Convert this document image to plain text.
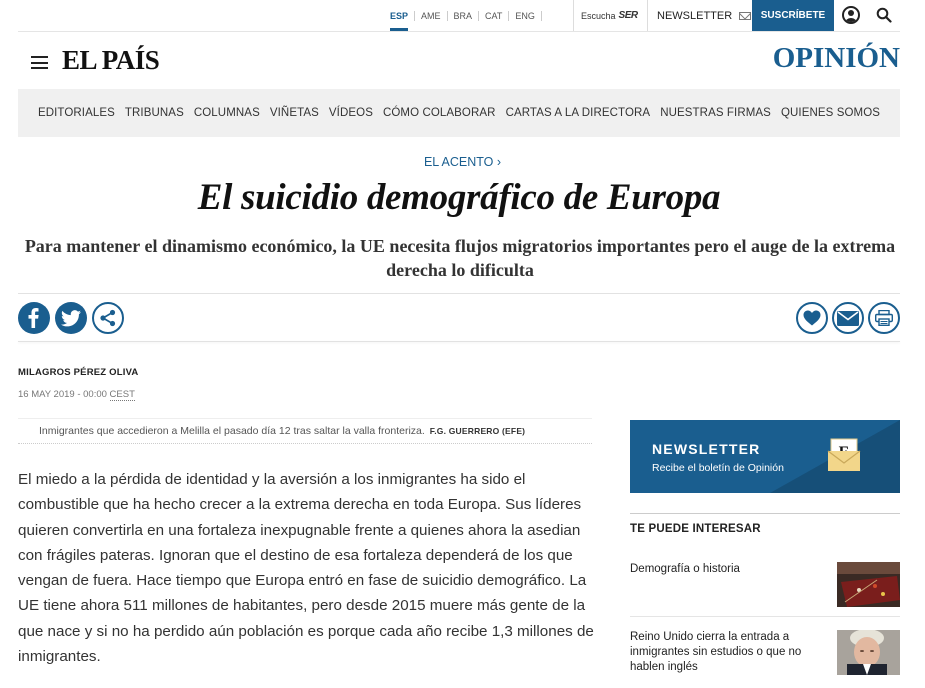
ESP	AME	BRA	CAT	ENG	Escucha SER NEWSLETTER	SUSCRÍBETE
EL PAÍS	OPINIÓN
EDITORIALES TRIBUNAS COLUMNAS VIÑETAS VÍDEOS CÓMO COLABORAR CARTAS A LA DIRECTORA NUESTRAS FIRMAS QUIENES SOMOS
EL ACENTO ›
El suicidio demográfico de Europa
Para mantener el dinamismo económico, la UE necesita flujos migratorios importantes pero el auge de la extrema derecha lo dificulta
MILAGROS PÉREZ OLIVA
16 MAY 2019 - 00:00 CEST
Inmigrantes que accedieron a Melilla el pasado día 12 tras saltar la valla fronteriza. F.G. GUERRERO (EFE)

El miedo a la pérdida de identidad y la aversión a los inmigrantes ha sido el combustible que ha hecho crecer a la extrema derecha en toda Europa. Sus líderes quieren convertirla en una fortaleza inexpugnable frente a quienes ahora la asedian con frágiles pateras. Ignoran que el destino de esa fortaleza dependerá de los que vengan de fuera. Hace tiempo que Europa entró en fase de suicidio demográfico. La UE tiene ahora 511 millones de habitantes, pero desde 2015 muere más gente de la que nace y si no ha perdido aún población es porque cada año recibe 1,3 millones de inmigrantes.

NEWSLETTER
Recibe el boletín de Opinión
TE PUEDE INTERESAR
Demografía o historia
Reino Unido cierra la entrada a inmigrantes sin estudios o que no hablen inglés
